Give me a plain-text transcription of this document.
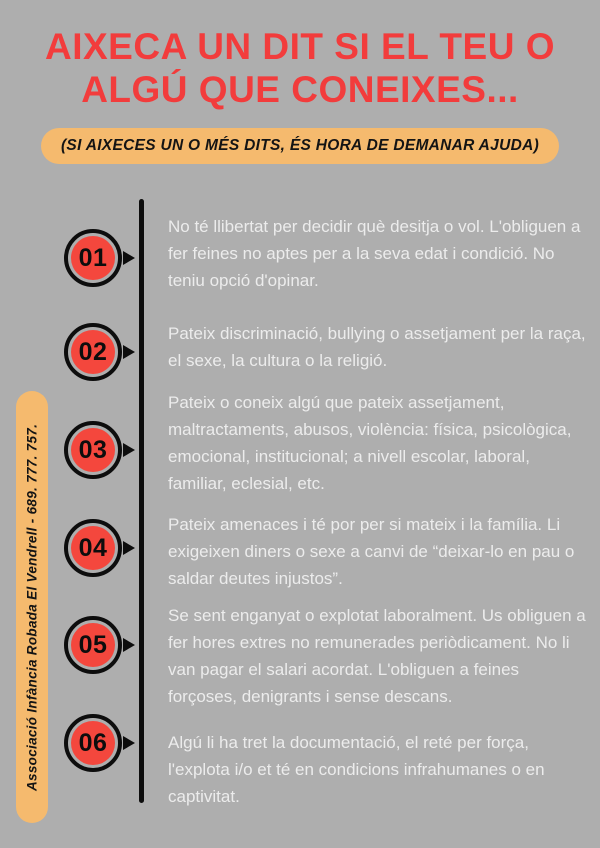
AIXECA UN DIT SI EL TEU O
ALGÚ QUE CONEIXES...
(SI AIXECES UN O MÉS DITS, ÉS HORA DE DEMANAR AJUDA)
Associació Infància Robada El Vendrell - 689. 777. 757.
01
No té llibertat per decidir què desitja o vol. L'obliguen a fer feines no aptes per a la seva edat i condició. No teniu opció d'opinar.
02
Pateix discriminació, bullying o assetjament per la raça, el sexe, la cultura o la religió.
03
Pateix o coneix algú que pateix assetjament, maltractaments, abusos, violència: física, psicològica, emocional, institucional; a nivell escolar, laboral, familiar, eclesial, etc.
04
Pateix amenaces i té por per si mateix i la família. Li exigeixen diners o sexe a canvi de “deixar-lo en pau o saldar deutes injustos”.
05
Se sent enganyat o explotat laboralment. Us obliguen a fer hores extres no remunerades periòdicament. No li van pagar el salari acordat. L'obliguen a feines forçoses, denigrants i sense descans.
06	Algú li ha tret la documentació, el reté per força, l'explota i/o et té en condicions infrahumanes o en captivitat.
